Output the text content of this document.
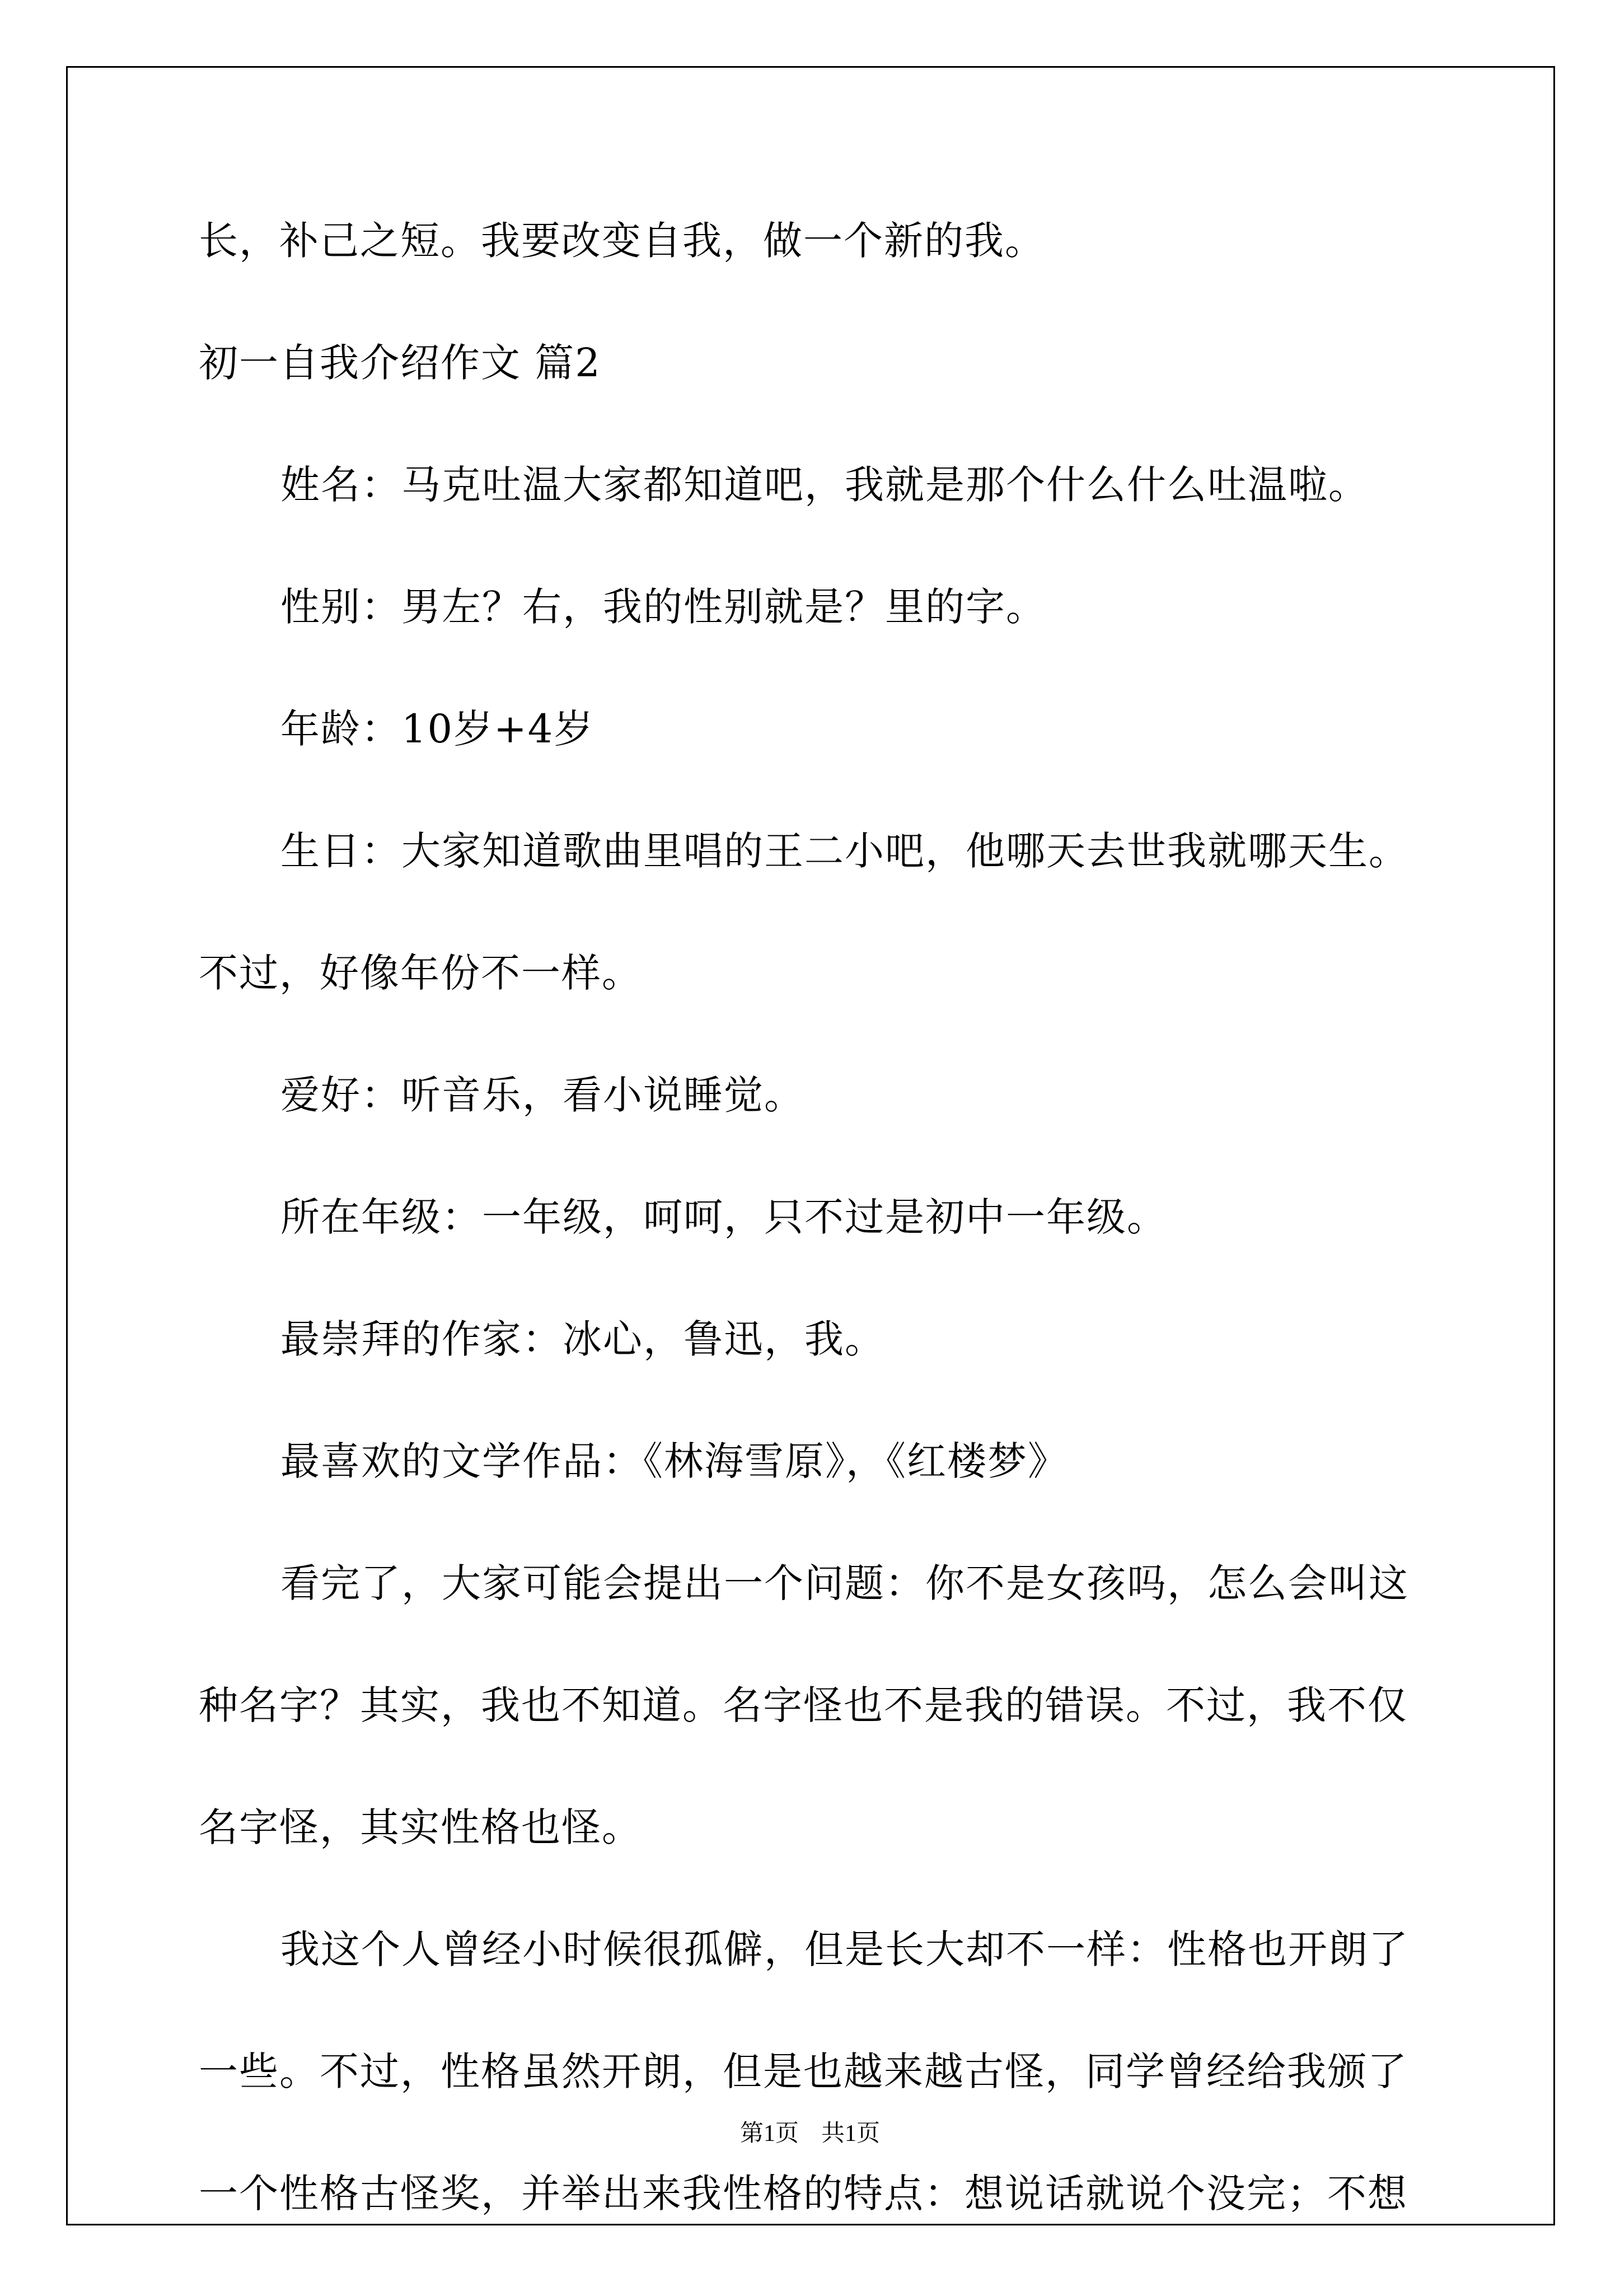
长，补己之短。我要改变自我，做一个新的我。
初一自我介绍作文 篇2
姓名：马克吐温大家都知道吧，我就是那个什么什么吐温啦。
性别：男左？右，我的性别就是？里的字。
年龄：10岁+4岁
生日：大家知道歌曲里唱的王二小吧，他哪天去世我就哪天生。
不过，好像年份不一样。
爱好：听音乐，看小说睡觉。
所在年级：一年级，呵呵，只不过是初中一年级。
最崇拜的作家：冰心，鲁迅，我。
最喜欢的文学作品：《林海雪原》，《红楼梦》
看完了，大家可能会提出一个问题：你不是女孩吗，怎么会叫这
种名字？其实，我也不知道。名字怪也不是我的错误。不过，我不仅
名字怪，其实性格也怪。
我这个人曾经小时候很孤僻，但是长大却不一样：性格也开朗了
一些。不过，性格虽然开朗，但是也越来越古怪，同学曾经给我颁了
一个性格古怪奖，并举出来我性格的特点：想说话就说个没完；不想
第1页 共1页
